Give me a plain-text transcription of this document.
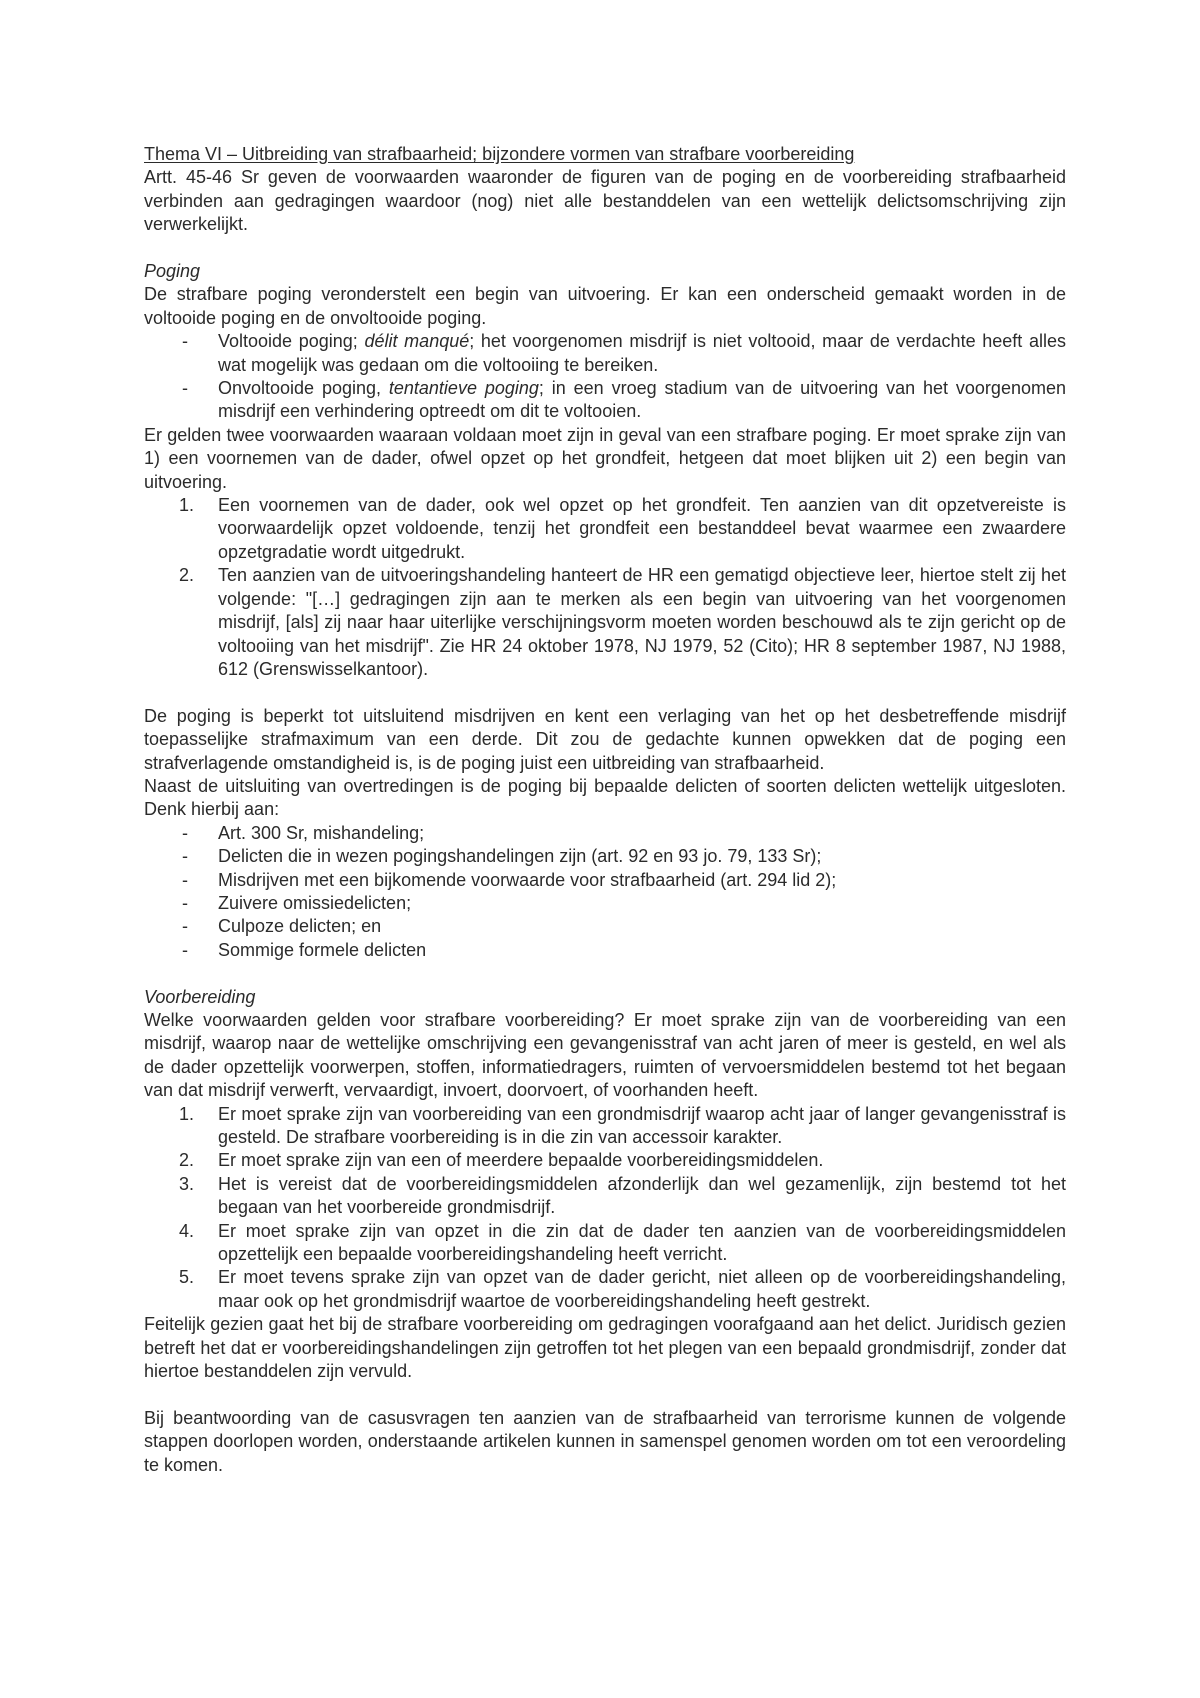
Thema VI – Uitbreiding van strafbaarheid; bijzondere vormen van strafbare voorbereiding

Artt. 45-46 Sr geven de voorwaarden waaronder de figuren van de poging en de voorbereiding strafbaarheid verbinden aan gedragingen waardoor (nog) niet alle bestanddelen van een wettelijk delictsomschrijving zijn verwerkelijkt.

Poging

De strafbare poging veronderstelt een begin van uitvoering. Er kan een onderscheid gemaakt worden in de voltooide poging en de onvoltooide poging.

- Voltooide poging; délit manqué; het voorgenomen misdrijf is niet voltooid, maar de verdachte heeft alles wat mogelijk was gedaan om die voltooiing te bereiken.
- Onvoltooide poging, tentantieve poging; in een vroeg stadium van de uitvoering van het voorgenomen misdrijf een verhindering optreedt om dit te voltooien.

Er gelden twee voorwaarden waaraan voldaan moet zijn in geval van een strafbare poging. Er moet sprake zijn van 1) een voornemen van de dader, ofwel opzet op het grondfeit, hetgeen dat moet blijken uit 2) een begin van uitvoering.

1. Een voornemen van de dader, ook wel opzet op het grondfeit. Ten aanzien van dit opzetvereiste is voorwaardelijk opzet voldoende, tenzij het grondfeit een bestanddeel bevat waarmee een zwaardere opzetgradatie wordt uitgedrukt.
2. Ten aanzien van de uitvoeringshandeling hanteert de HR een gematigd objectieve leer, hiertoe stelt zij het volgende: "[…] gedragingen zijn aan te merken als een begin van uitvoering van het voorgenomen misdrijf, [als] zij naar haar uiterlijke verschijningsvorm moeten worden beschouwd als te zijn gericht op de voltooiing van het misdrijf". Zie HR 24 oktober 1978, NJ 1979, 52 (Cito); HR 8 september 1987, NJ 1988, 612 (Grenswisselkantoor).

De poging is beperkt tot uitsluitend misdrijven en kent een verlaging van het op het desbetreffende misdrijf toepasselijke strafmaximum van een derde. Dit zou de gedachte kunnen opwekken dat de poging een strafverlagende omstandigheid is, is de poging juist een uitbreiding van strafbaarheid.

Naast de uitsluiting van overtredingen is de poging bij bepaalde delicten of soorten delicten wettelijk uitgesloten. Denk hierbij aan:

- Art. 300 Sr, mishandeling;
- Delicten die in wezen pogingshandelingen zijn (art. 92 en 93 jo. 79, 133 Sr);
- Misdrijven met een bijkomende voorwaarde voor strafbaarheid (art. 294 lid 2);
- Zuivere omissiedelicten;
- Culpoze delicten; en
- Sommige formele delicten

Voorbereiding

Welke voorwaarden gelden voor strafbare voorbereiding? Er moet sprake zijn van de voorbereiding van een misdrijf, waarop naar de wettelijke omschrijving een gevangenisstraf van acht jaren of meer is gesteld, en wel als de dader opzettelijk voorwerpen, stoffen, informatiedragers, ruimten of vervoersmiddelen bestemd tot het begaan van dat misdrijf verwerft, vervaardigt, invoert, doorvoert, of voorhanden heeft.

1. Er moet sprake zijn van voorbereiding van een grondmisdrijf waarop acht jaar of langer gevangenisstraf is gesteld. De strafbare voorbereiding is in die zin van accessoir karakter.
2. Er moet sprake zijn van een of meerdere bepaalde voorbereidingsmiddelen.
3. Het is vereist dat de voorbereidingsmiddelen afzonderlijk dan wel gezamenlijk, zijn bestemd tot het begaan van het voorbereide grondmisdrijf.
4. Er moet sprake zijn van opzet in die zin dat de dader ten aanzien van de voorbereidingsmiddelen opzettelijk een bepaalde voorbereidingshandeling heeft verricht.
5. Er moet tevens sprake zijn van opzet van de dader gericht, niet alleen op de voorbereidingshandeling, maar ook op het grondmisdrijf waartoe de voorbereidingshandeling heeft gestrekt.

Feitelijk gezien gaat het bij de strafbare voorbereiding om gedragingen voorafgaand aan het delict. Juridisch gezien betreft het dat er voorbereidingshandelingen zijn getroffen tot het plegen van een bepaald grondmisdrijf, zonder dat hiertoe bestanddelen zijn vervuld.

Bij beantwoording van de casusvragen ten aanzien van de strafbaarheid van terrorisme kunnen de volgende stappen doorlopen worden, onderstaande artikelen kunnen in samenspel genomen worden om tot een veroordeling te komen.
